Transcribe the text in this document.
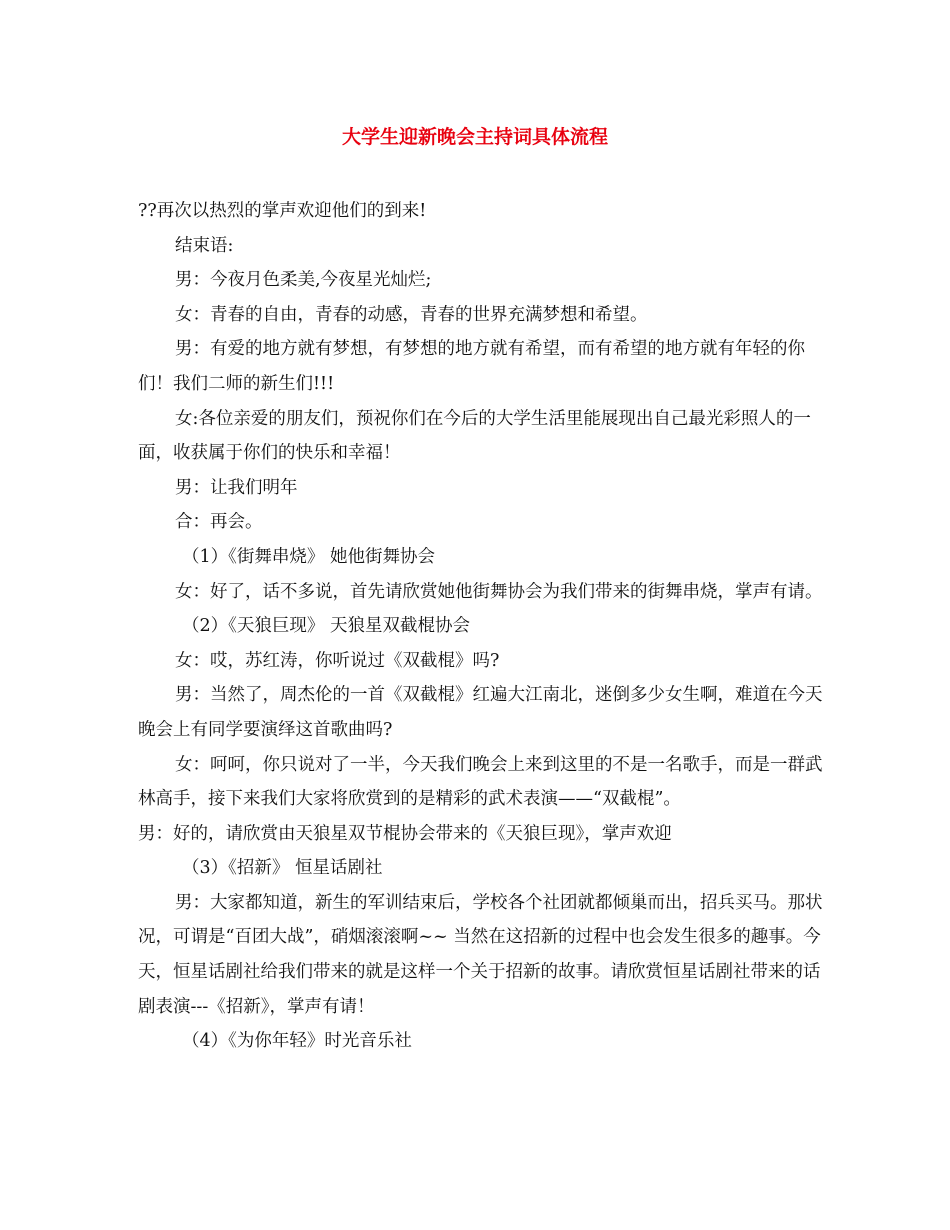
大学生迎新晚会主持词具体流程

??再次以热烈的掌声欢迎他们的到来!

结束语:

男：今夜月色柔美,今夜星光灿烂;

女：青春的自由，青春的动感，青春的世界充满梦想和希望。

男：有爱的地方就有梦想，有梦想的地方就有希望，而有希望的地方就有年轻的你们！我们二师的新生们!!!

女:各位亲爱的朋友们，预祝你们在今后的大学生活里能展现出自己最光彩照人的一面，收获属于你们的快乐和幸福！

男：让我们明年

合：再会。

（1）《街舞串烧》 她他街舞协会

女：好了，话不多说，首先请欣赏她他街舞协会为我们带来的街舞串烧，掌声有请。

（2）《天狼巨现》 天狼星双截棍协会

女：哎，苏红涛，你听说过《双截棍》吗?

男：当然了，周杰伦的一首《双截棍》红遍大江南北，迷倒多少女生啊，难道在今天晚会上有同学要演绎这首歌曲吗?

女：呵呵，你只说对了一半，今天我们晚会上来到这里的不是一名歌手，而是一群武林高手，接下来我们大家将欣赏到的是精彩的武术表演——“双截棍”。

男：好的，请欣赏由天狼星双节棍协会带来的《天狼巨现》，掌声欢迎

（3）《招新》 恒星话剧社

男：大家都知道，新生的军训结束后，学校各个社团就都倾巢而出，招兵买马。那状况，可谓是“百团大战”，硝烟滚滚啊~~ 当然在这招新的过程中也会发生很多的趣事。今天，恒星话剧社给我们带来的就是这样一个关于招新的故事。请欣赏恒星话剧社带来的话剧表演---《招新》，掌声有请！

（4）《为你年轻》时光音乐社
